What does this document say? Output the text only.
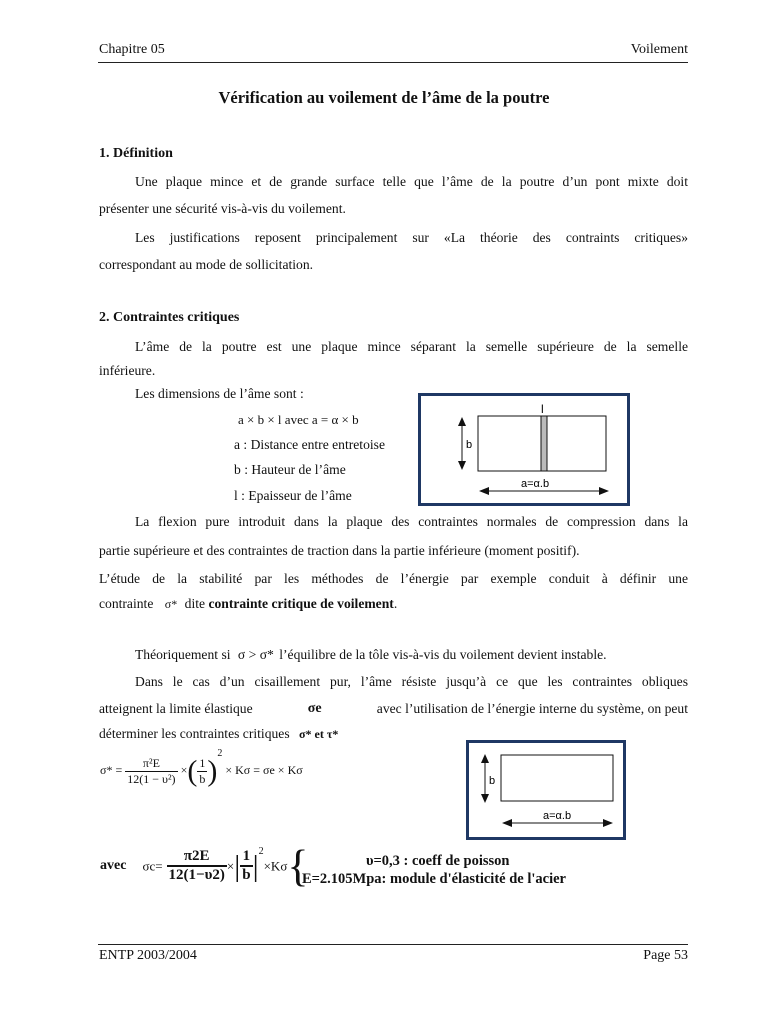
Chapitre 05	Voilement
Vérification au voilement de l’âme de la poutre
1. Définition
Une plaque mince et de grande surface telle que l’âme de la poutre d’un pont mixte doit
présenter une sécurité vis-à-vis du voilement.
Les justifications reposent principalement sur «La théorie des contraints critiques»
correspondant au mode de sollicitation.
2. Contraintes critiques
L’âme de la poutre est une plaque mince séparant la semelle supérieure de la semelle
inférieure.
Les dimensions de l’âme sont :
a × b × l avec a = α × b
a : Distance entre entretoise
b : Hauteur de l’âme
l : Epaisseur de l’âme
l
b
a=α.b
La flexion pure introduit dans la plaque des contraintes normales de compression dans la
partie supérieure et des contraintes de traction dans la partie inférieure (moment positif).
L’étude de la stabilité par les méthodes de l’énergie par exemple conduit à définir une
contrainte σ* dite contrainte critique de voilement.
Théoriquement si σ > σ* l’équilibre de la tôle vis-à-vis du voilement devient instable.
Dans le cas d’un cisaillement pur, l’âme résiste jusqu’à ce que les contraintes obliques
atteignent la limite élastique	σe	avec l’utilisation de l’énergie interne du système, on peut
déterminer les contraintes critiques σ* et τ*
$\sigma* = \frac{\text{π²E}}{\text{12(1 − υ²)}}$ ×( $\frac{1}{b} )^2 \times K\sigma = \sigma e \times K\sigma$
b
a=α.b
avec $\sigma c= \frac{\pi 2E}{12(1-\upsilon 2)}$ ×| $\frac{1}{b} |^2\times K\sigma${	υ=0,3 : coeff de poisson
E=2.105Mpa: module d'élasticité de l'acier
ENTP 2003/2004	Page 53
